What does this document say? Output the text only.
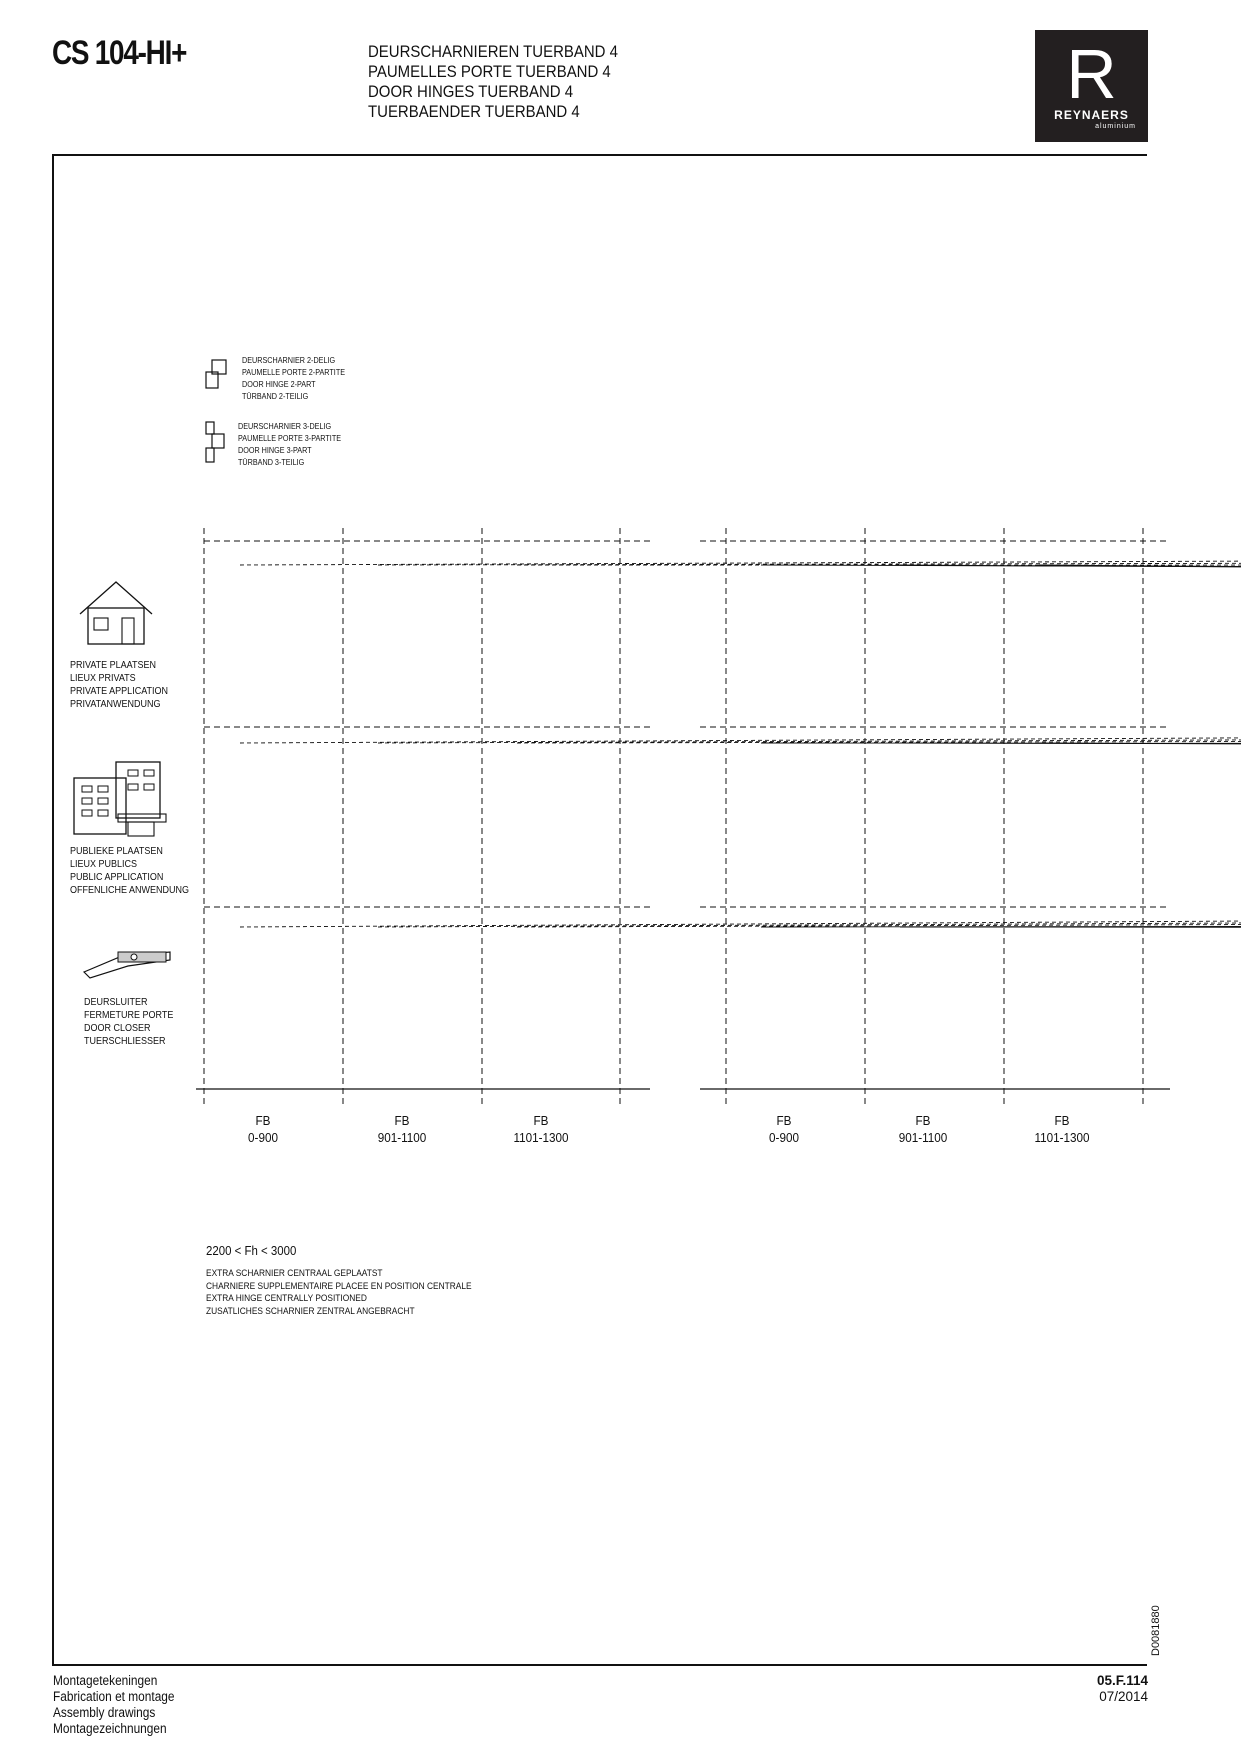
CS 104-HI+	DEURSCHARNIEREN TUERBAND 4
PAUMELLES PORTE TUERBAND 4
DOOR HINGES TUERBAND 4
TUERBAENDER TUERBAND 4	R
REYNAERS
aluminium
DEURSCHARNIER 2-DELIG
PAUMELLE PORTE 2-PARTITE
DOOR HINGE 2-PART
TÜRBAND 2-TEILIG
DEURSCHARNIER 3-DELIG
PAUMELLE PORTE 3-PARTITE
DOOR HINGE 3-PART
TÜRBAND 3-TEILIG
PRIVATE PLAATSEN
LIEUX PRIVATS
PRIVATE APPLICATION
PRIVATANWENDUNG
PUBLIEKE PLAATSEN
LIEUX PUBLICS
PUBLIC APPLICATION
OFFENLICHE ANWENDUNG
DEURSLUITER
FERMETURE PORTE
DOOR CLOSER
TUERSCHLIESSER
FB
0-900
FB
901-1100
FB
1101-1300
FB
0-900
FB
901-1100
FB
1101-1300
2200 < Fh < 3000
EXTRA SCHARNIER CENTRAAL GEPLAATST
CHARNIERE SUPPLEMENTAIRE PLACEE EN POSITION CENTRALE
EXTRA HINGE CENTRALLY POSITIONED
ZUSATLICHES SCHARNIER ZENTRAL ANGEBRACHT
D0081880
Montagetekeningen
Fabrication et montage
Assembly drawings
Montagezeichnungen
05.F.114
07/2014
